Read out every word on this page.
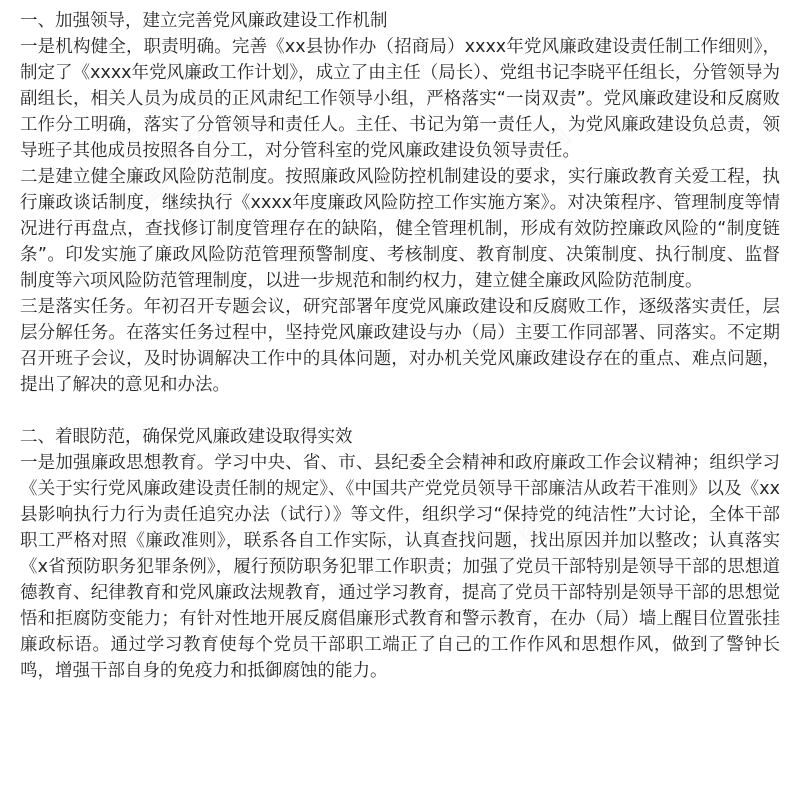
▦ 图网	▦ 图网
▦ 图网	▦ 图网

一、加强领导，建立完善党风廉政建设工作机制

一是机构健全，职责明确。完善《xx县协作办（招商局）xxxx年党风廉政建设责任制工作细则》，制定了《xxxx年党风廉政工作计划》，成立了由主任（局长）、党组书记李晓平任组长，分管领导为副组长，相关人员为成员的正风肃纪工作领导小组，严格落实“一岗双责”。党风廉政建设和反腐败工作分工明确，落实了分管领导和责任人。主任、书记为第一责任人，为党风廉政建设负总责，领导班子其他成员按照各自分工，对分管科室的党风廉政建设负领导责任。

二是建立健全廉政风险防范制度。按照廉政风险防控机制建设的要求，实行廉政教育关爱工程，执行廉政谈话制度，继续执行《xxxx年度廉政风险防控工作实施方案》。对决策程序、管理制度等情况进行再盘点，查找修订制度管理存在的缺陷，健全管理机制，形成有效防控廉政风险的“制度链条”。印发实施了廉政风险防范管理预警制度、考核制度、教育制度、决策制度、执行制度、监督制度等六项风险防范管理制度，以进一步规范和制约权力，建立健全廉政风险防范制度。

三是落实任务。年初召开专题会议，研究部署年度党风廉政建设和反腐败工作，逐级落实责任，层层分解任务。在落实任务过程中，坚持党风廉政建设与办（局）主要工作同部署、同落实。不定期召开班子会议，及时协调解决工作中的具体问题，对办机关党风廉政建设存在的重点、难点问题，提出了解决的意见和办法。

二、着眼防范，确保党风廉政建设取得实效

一是加强廉政思想教育。学习中央、省、市、县纪委全会精神和政府廉政工作会议精神；组织学习《关于实行党风廉政建设责任制的规定》、《中国共产党党员领导干部廉洁从政若干准则》以及《xx县影响执行力行为责任追究办法（试行）》等文件，组织学习“保持党的纯洁性”大讨论，全体干部职工严格对照《廉政准则》，联系各自工作实际，认真查找问题，找出原因并加以整改；认真落实《x省预防职务犯罪条例》，履行预防职务犯罪工作职责；加强了党员干部特别是领导干部的思想道德教育、纪律教育和党风廉政法规教育，通过学习教育，提高了党员干部特别是领导干部的思想觉悟和拒腐防变能力；有针对性地开展反腐倡廉形式教育和警示教育，在办（局）墙上醒目位置张挂廉政标语。通过学习教育使每个党员干部职工端正了自己的工作作风和思想作风，做到了警钟长鸣，增强干部自身的免疫力和抵御腐蚀的能力。
